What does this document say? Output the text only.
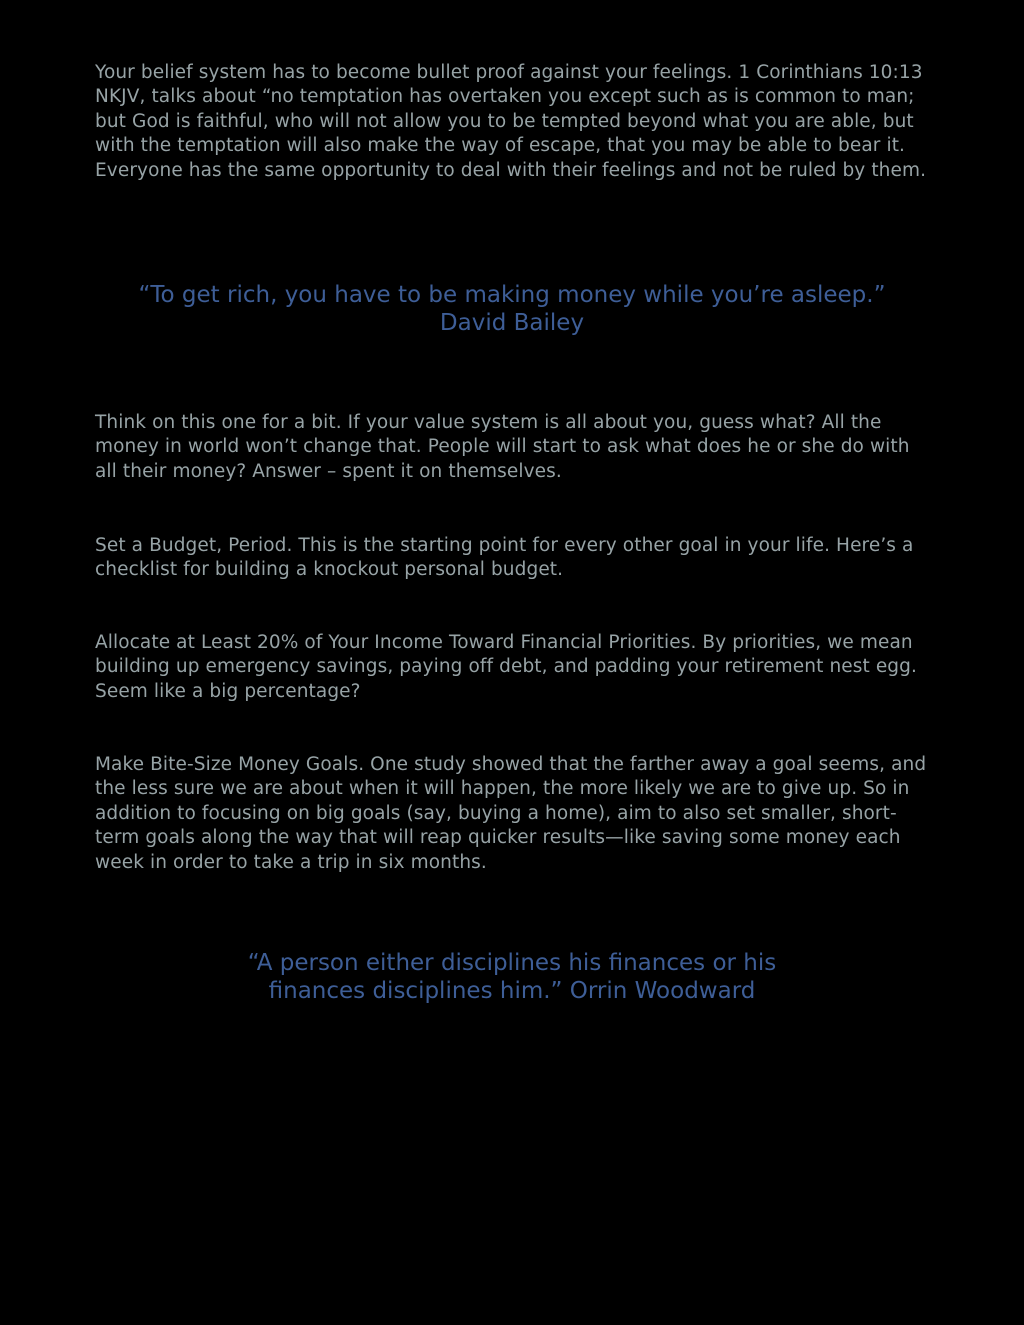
Your belief system has to become bullet proof against your feelings. 1 Corinthians 10:13 NKJV, talks about “no temptation has overtaken you except such as is common to man; but God is faithful, who will not allow you to be tempted beyond what you are able, but with the temptation will also make the way of escape, that you may be able to bear it. Everyone has the same opportunity to deal with their feelings and not be ruled by them.

“To get rich, you have to be making money while you’re asleep.”
David Bailey

Think on this one for a bit. If your value system is all about you, guess what? All the money in world won’t change that. People will start to ask what does he or she do with all their money? Answer – spent it on themselves.

Set a Budget, Period. This is the starting point for every other goal in your life. Here’s a checklist for building a knockout personal budget.

Allocate at Least 20% of Your Income Toward Financial Priorities. By priorities, we mean building up emergency savings, paying off debt, and padding your retirement nest egg. Seem like a big percentage?

Make Bite-Size Money Goals. One study showed that the farther away a goal seems, and the less sure we are about when it will happen, the more likely we are to give up. So in addition to focusing on big goals (say, buying a home), aim to also set smaller, short-term goals along the way that will reap quicker results—like saving some money each week in order to take a trip in six months.

“A person either disciplines his finances or his
finances disciplines him.” Orrin Woodward
